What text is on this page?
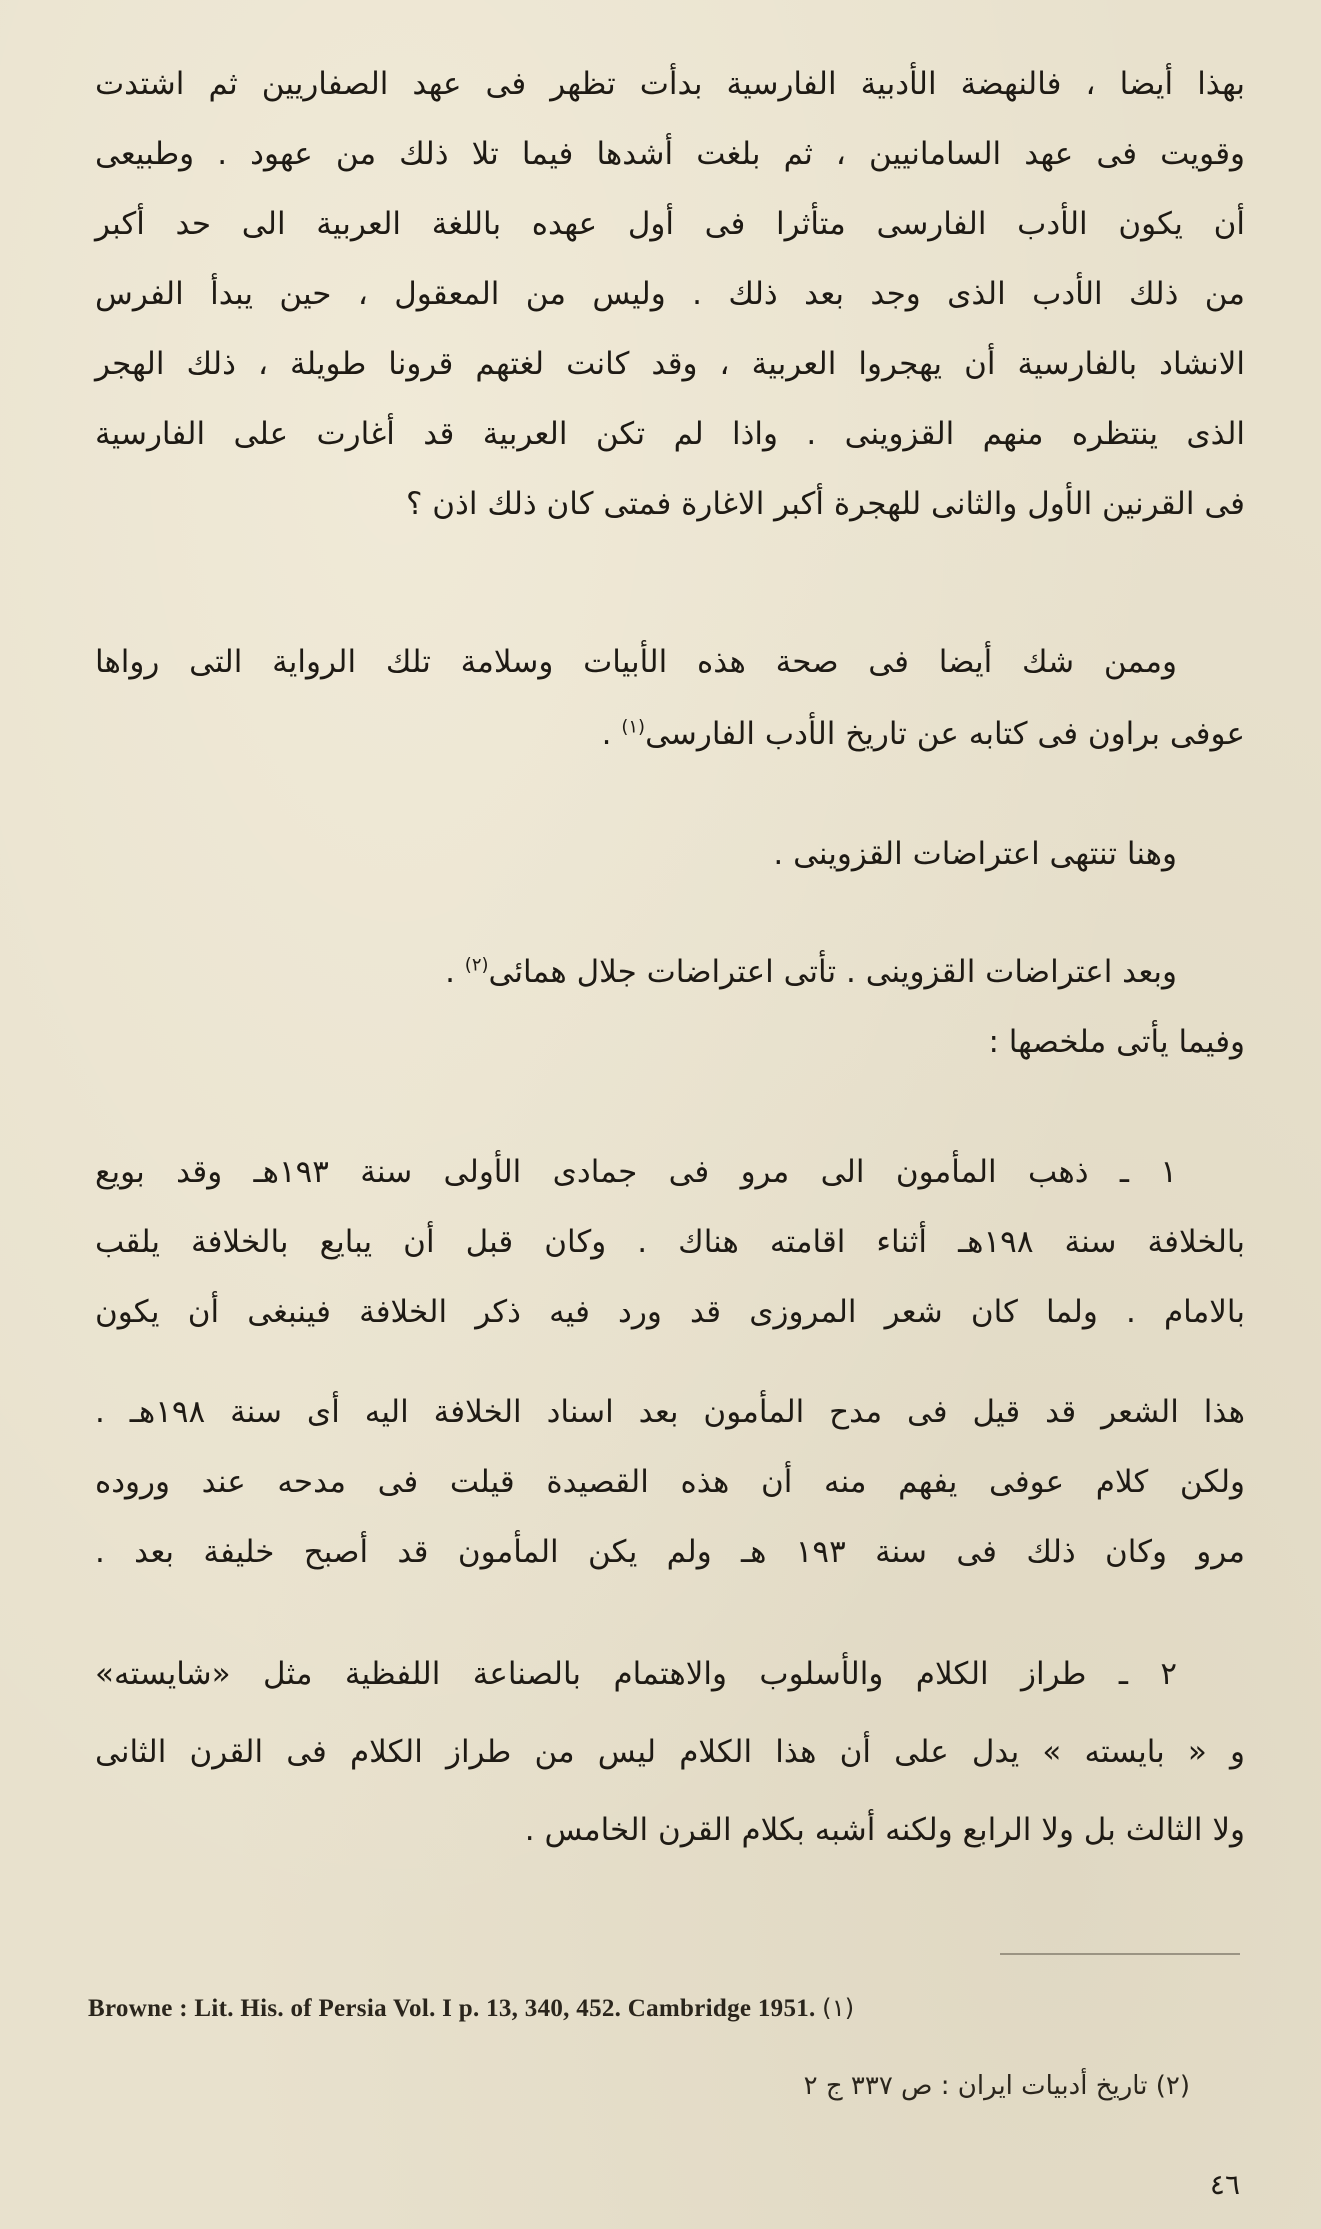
بهذا أيضا ، فالنهضة الأدبية الفارسية بدأت تظهر فى عهد الصفاريين ثم اشتدت
وقويت فى عهد السامانيين ، ثم بلغت أشدها فيما تلا ذلك من عهود . وطبيعى
أن يكون الأدب الفارسى متأثرا فى أول عهده باللغة العربية الى حد أكبر
من ذلك الأدب الذى وجد بعد ذلك . وليس من المعقول ، حين يبدأ الفرس
الانشاد بالفارسية أن يهجروا العربية ، وقد كانت لغتهم قرونا طويلة ، ذلك الهجر
الذى ينتظره منهم القزوينى . واذا لم تكن العربية قد أغارت على الفارسية
فى القرنين الأول والثانى للهجرة أكبر الاغارة فمتى كان ذلك اذن ؟
وممن شك أيضا فى صحة هذه الأبيات وسلامة تلك الرواية التى رواها
عوفى براون فى كتابه عن تاريخ الأدب الفارسى$^{(١)}$ .
وهنا تنتهى اعتراضات القزوينى .
وبعد اعتراضات القزوينى . تأتى اعتراضات جلال همائى$^{(٢)}$ .
وفيما يأتى ملخصها :
١ ـ ذهب المأمون الى مرو فى جمادى الأولى سنة ١٩٣هـ وقد بويع
بالخلافة سنة ١٩٨هـ أثناء اقامته هناك . وكان قبل أن يبايع بالخلافة يلقب
بالامام . ولما كان شعر المروزى قد ورد فيه ذكر الخلافة فينبغى أن يكون
هذا الشعر قد قيل فى مدح المأمون بعد اسناد الخلافة اليه أى سنة ١٩٨هـ .
ولكن كلام عوفى يفهم منه أن هذه القصيدة قيلت فى مدحه عند وروده
مرو وكان ذلك فى سنة ١٩٣ هـ ولم يكن المأمون قد أصبح خليفة بعد .
٢ ـ طراز الكلام والأسلوب والاهتمام بالصناعة اللفظية مثل «شايسته»
و « بايسته » يدل على أن هذا الكلام ليس من طراز الكلام فى القرن الثانى
ولا الثالث بل ولا الرابع ولكنه أشبه بكلام القرن الخامس .
Browne : Lit. His. of Persia Vol. I p. 13, 340, 452. Cambridge 1951. (١)
(٢) تاريخ أدبيات ايران : ص ٣٣٧ ج ٢
٤٦
